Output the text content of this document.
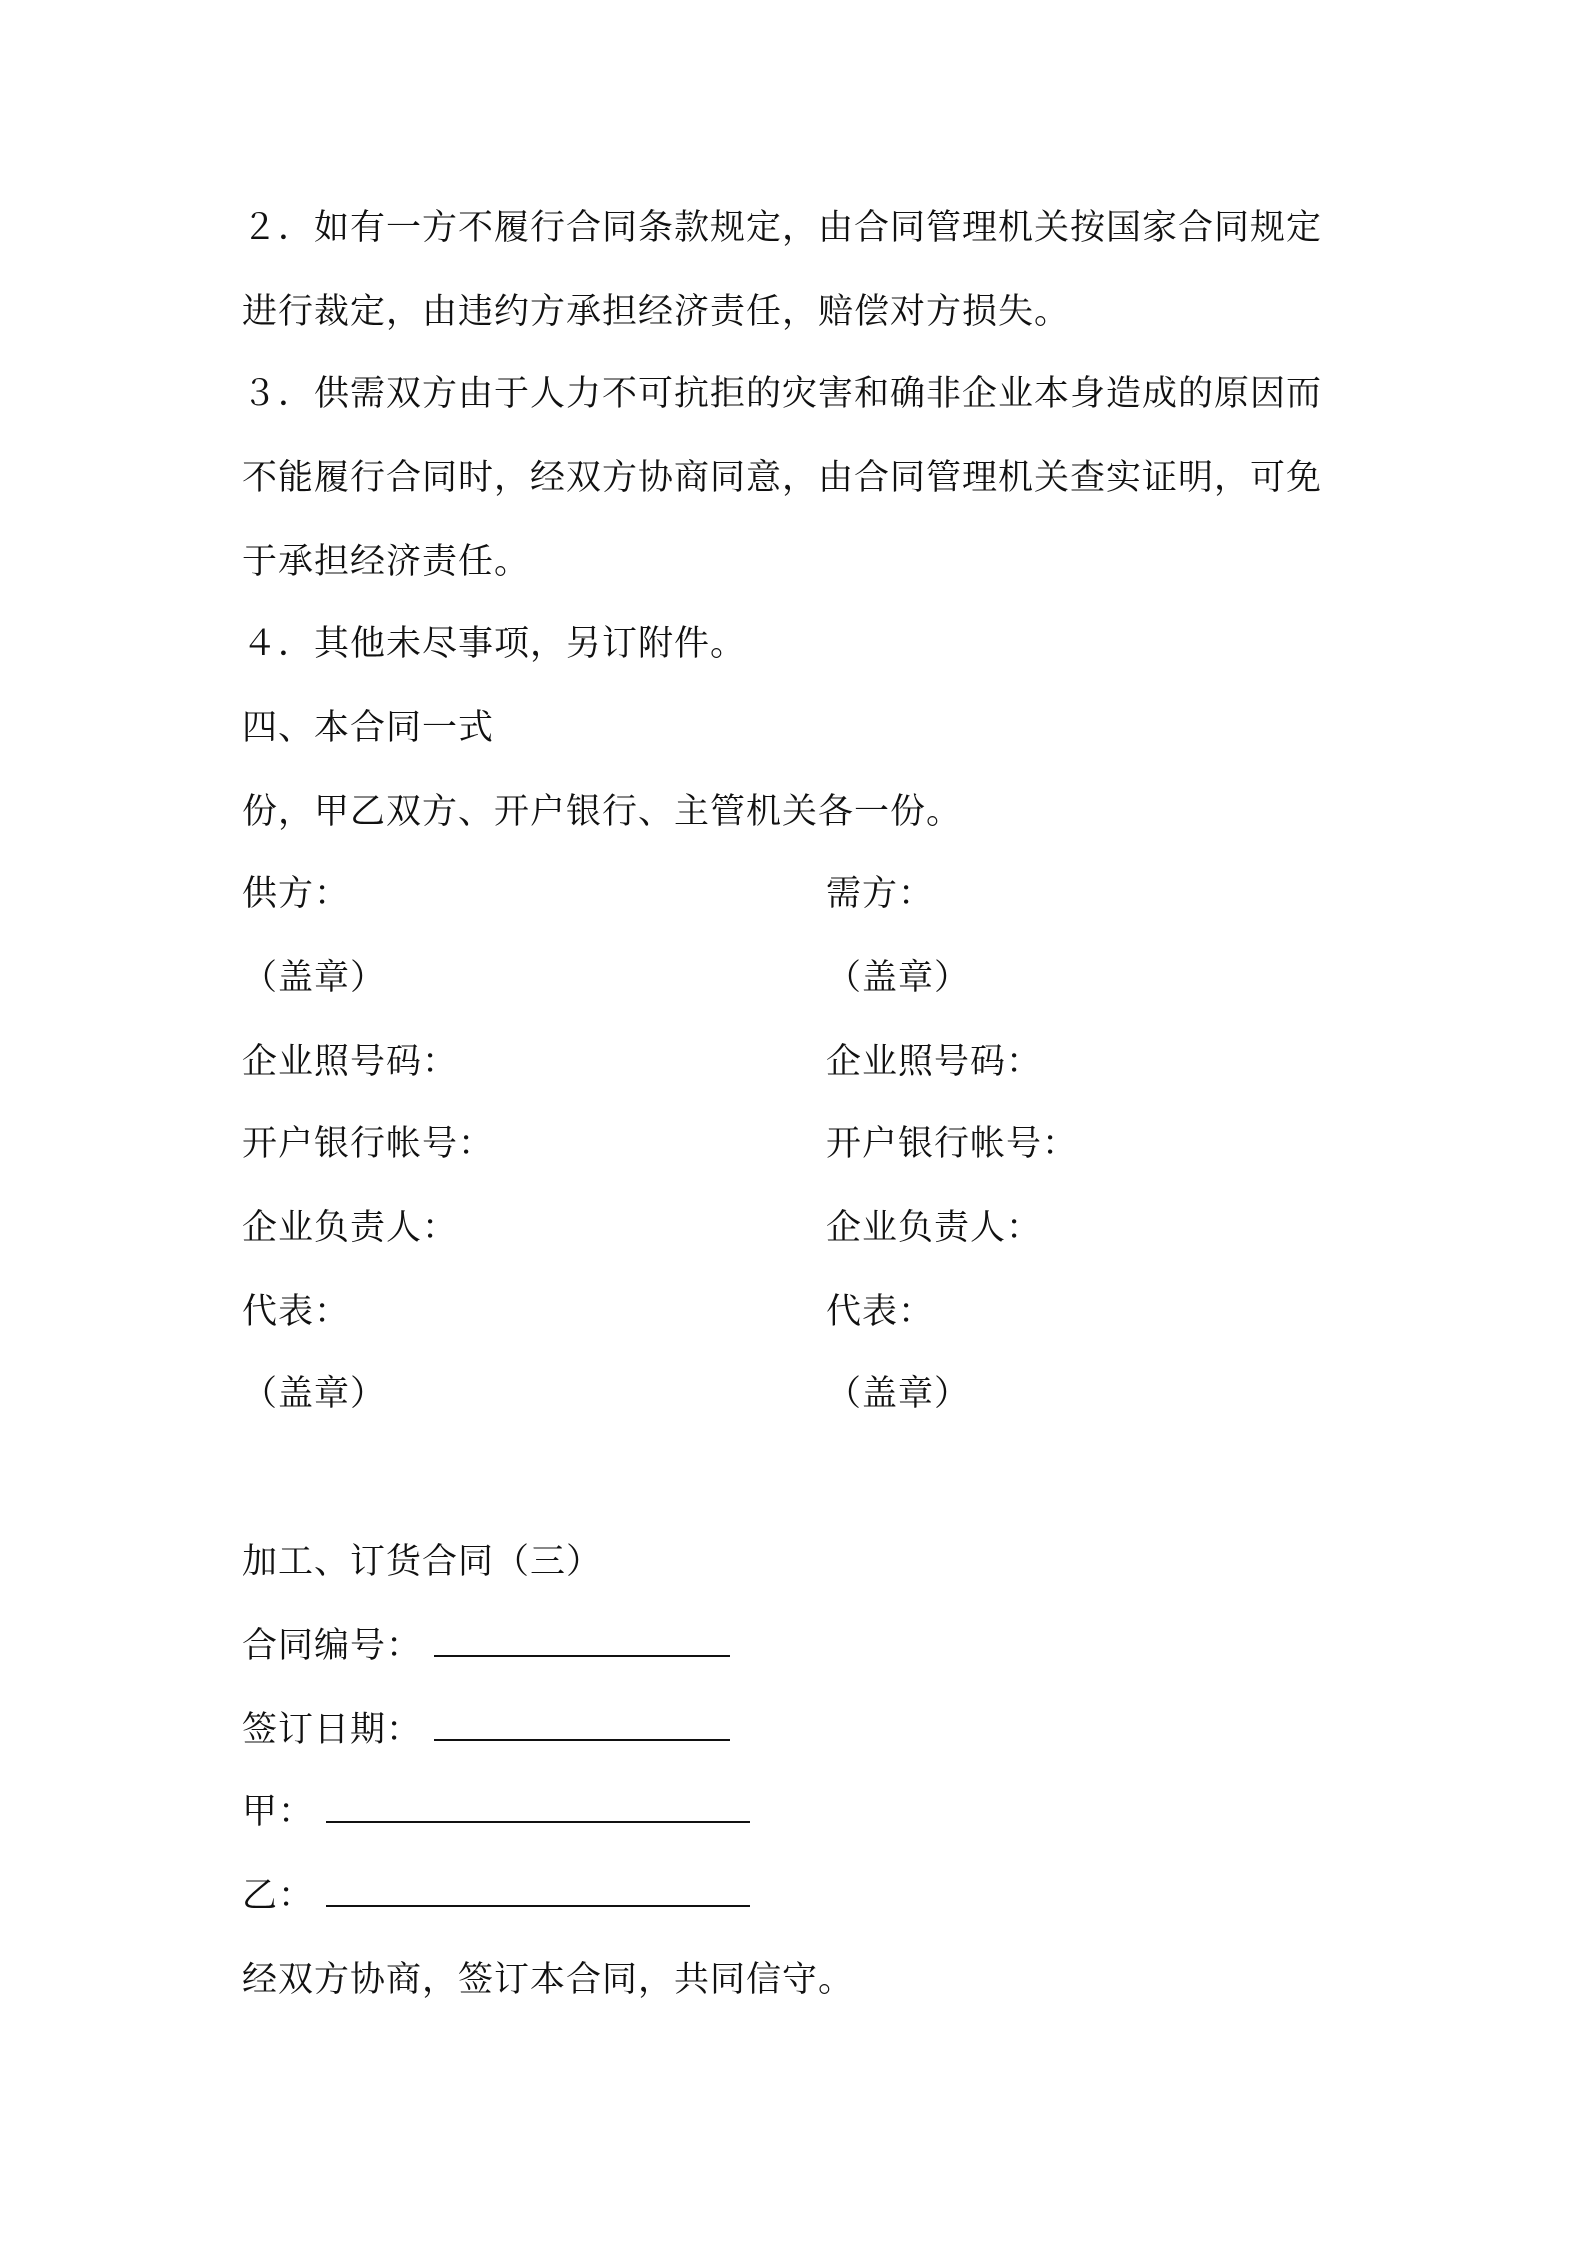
２．如有一方不履行合同条款规定，由合同管理机关按国家合同规定
进行裁定，由违约方承担经济责任，赔偿对方损失。
３．供需双方由于人力不可抗拒的灾害和确非企业本身造成的原因而
不能履行合同时，经双方协商同意，由合同管理机关查实证明，可免
于承担经济责任。
４．其他未尽事项，另订附件。
四、本合同一式
份，甲乙双方、开户银行、主管机关各一份。
供方：
（盖章）
企业照号码：
开户银行帐号：
企业负责人：
代表：
（盖章）
需方：
（盖章）
企业照号码：
开户银行帐号：
企业负责人：
代表：
（盖章）
加工、订货合同（三）
合同编号：
签订日期：
甲：
乙：
经双方协商，签订本合同，共同信守。
